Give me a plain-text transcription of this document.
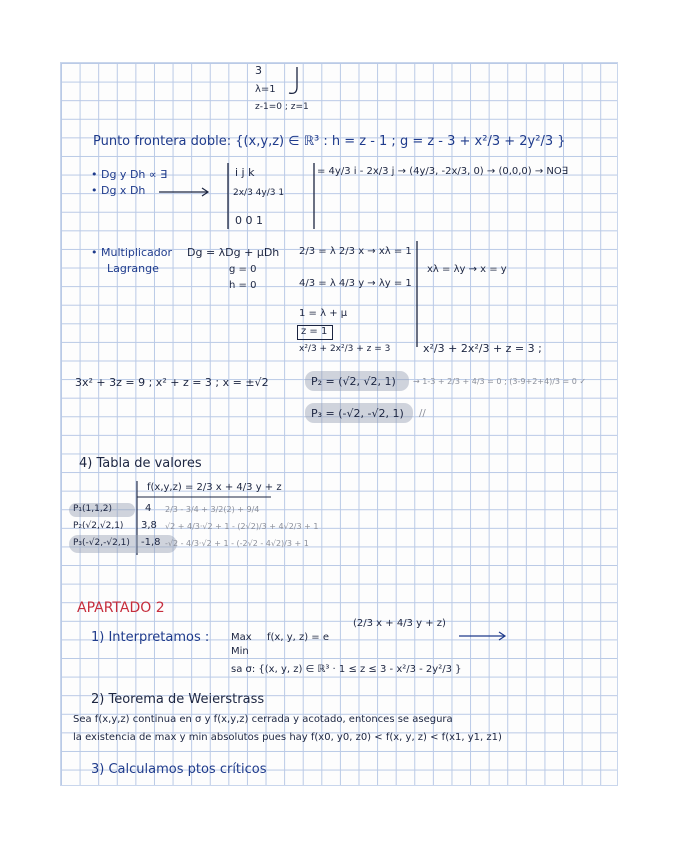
3
λ=1
z-1=0 ; z=1
Punto frontera doble: {(x,y,z) ∈ ℝ³ : h = z - 1 ; g = z - 3 + x²/3 + 2y²/3 }
• Dg y Dh ∝ ∃
• Dg x Dh
i j k
2x/3 4y/3 1
0 0 1
= 4y/3 i - 2x/3 j → (4y/3, -2x/3, 0) → (0,0,0) → NO∃
• Multiplicador
Lagrange
Dg = λDg + μDh
g = 0
h = 0
2/3 = λ 2/3 x → xλ = 1
4/3 = λ 4/3 y → λy = 1
1 = λ + μ
z = 1
x²/3 + 2x²/3 + z = 3
xλ = λy → x = y
x²/3 + 2x²/3 + z = 3 ;
3x² + 3z = 9 ; x² + z = 3 ; x = ±√2	P₂ = (√2, √2, 1) → 1-3 + 2/3 + 4/3 = 0 ; (3-9+2+4)/3 = 0 ✓
P₃ = (-√2, -√2, 1) //
4) Tabla de valores
f(x,y,z) = 2/3 x + 4/3 y + z
P₁(1,1,2)	4 2/3 - 3/4 + 3/2(2) + 9/4
P₂(√2,√2,1) 3,8 √2 + 4/3·√2 + 1 - (2√2)/3 + 4√2/3 + 1
P₃(-√2,-√2,1) -1,8 -√2 - 4/3·√2 + 1 - (-2√2 - 4√2)/3 + 1
APARTADO 2
1) Interpretamos : Max
Min
f(x, y, z) = e
(2/3 x + 4/3 y + z)
sa σ: {(x, y, z) ∈ ℝ³ · 1 ≤ z ≤ 3 - x²/3 - 2y²/3 }
2) Teorema de Weierstrass
Sea f(x,y,z) continua en σ y f(x,y,z) cerrada y acotado, entonces se asegura
la existencia de max y min absolutos pues hay f(x0, y0, z0) < f(x, y, z) < f(x1, y1, z1)
3) Calculamos ptos críticos
